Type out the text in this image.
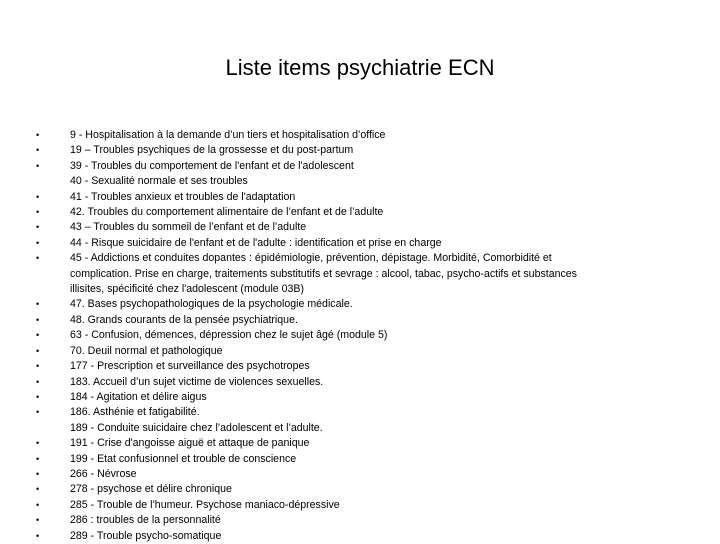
Liste items psychiatrie ECN
•	9 - Hospitalisation à la demande d’un tiers et hospitalisation d’office
•	19 – Troubles psychiques de la grossesse et du post-partum
•	39 - Troubles du comportement de l'enfant et de l'adolescent
40 - Sexualité normale et ses troubles
•	41 - Troubles anxieux et troubles de l'adaptation
•	42. Troubles du comportement alimentaire de l’enfant et de l’adulte
•	43 – Troubles du sommeil de l’enfant et de l’adulte
•	44 - Risque suicidaire de l'enfant et de l'adulte : identification et prise en charge
•	45 - Addictions et conduites dopantes : épidémiologie, prévention, dépistage. Morbidité, Comorbidité et
complication. Prise en charge, traitements substitutifs et sevrage : alcool, tabac, psycho-actifs et substances
illisites, spécificité chez l'adolescent (module 03B)
•	47. Bases psychopathologiques de la psychologie médicale.
•	48. Grands courants de la pensée psychiatrique.
•	63 - Confusion, démences, dépression chez le sujet âgé (module 5)
•	70. Deuil normal et pathologique
•	177 - Prescription et surveillance des psychotropes
•	183. Accueil d’un sujet victime de violences sexuelles.
•	184 - Agitation et délire aigus
•	186. Asthénie et fatigabilité.
189 - Conduite suicidaire chez l’adolescent et l’adulte.
•	191 - Crise d'angoisse aiguë et attaque de panique
•	199 - Etat confusionnel et trouble de conscience
•	266 - Névrose
•	278 - psychose et délire chronique
•	285 - Trouble de l’humeur. Psychose maniaco-dépressive
•	286 : troubles de la personnalité
•	289 - Trouble psycho-somatique
